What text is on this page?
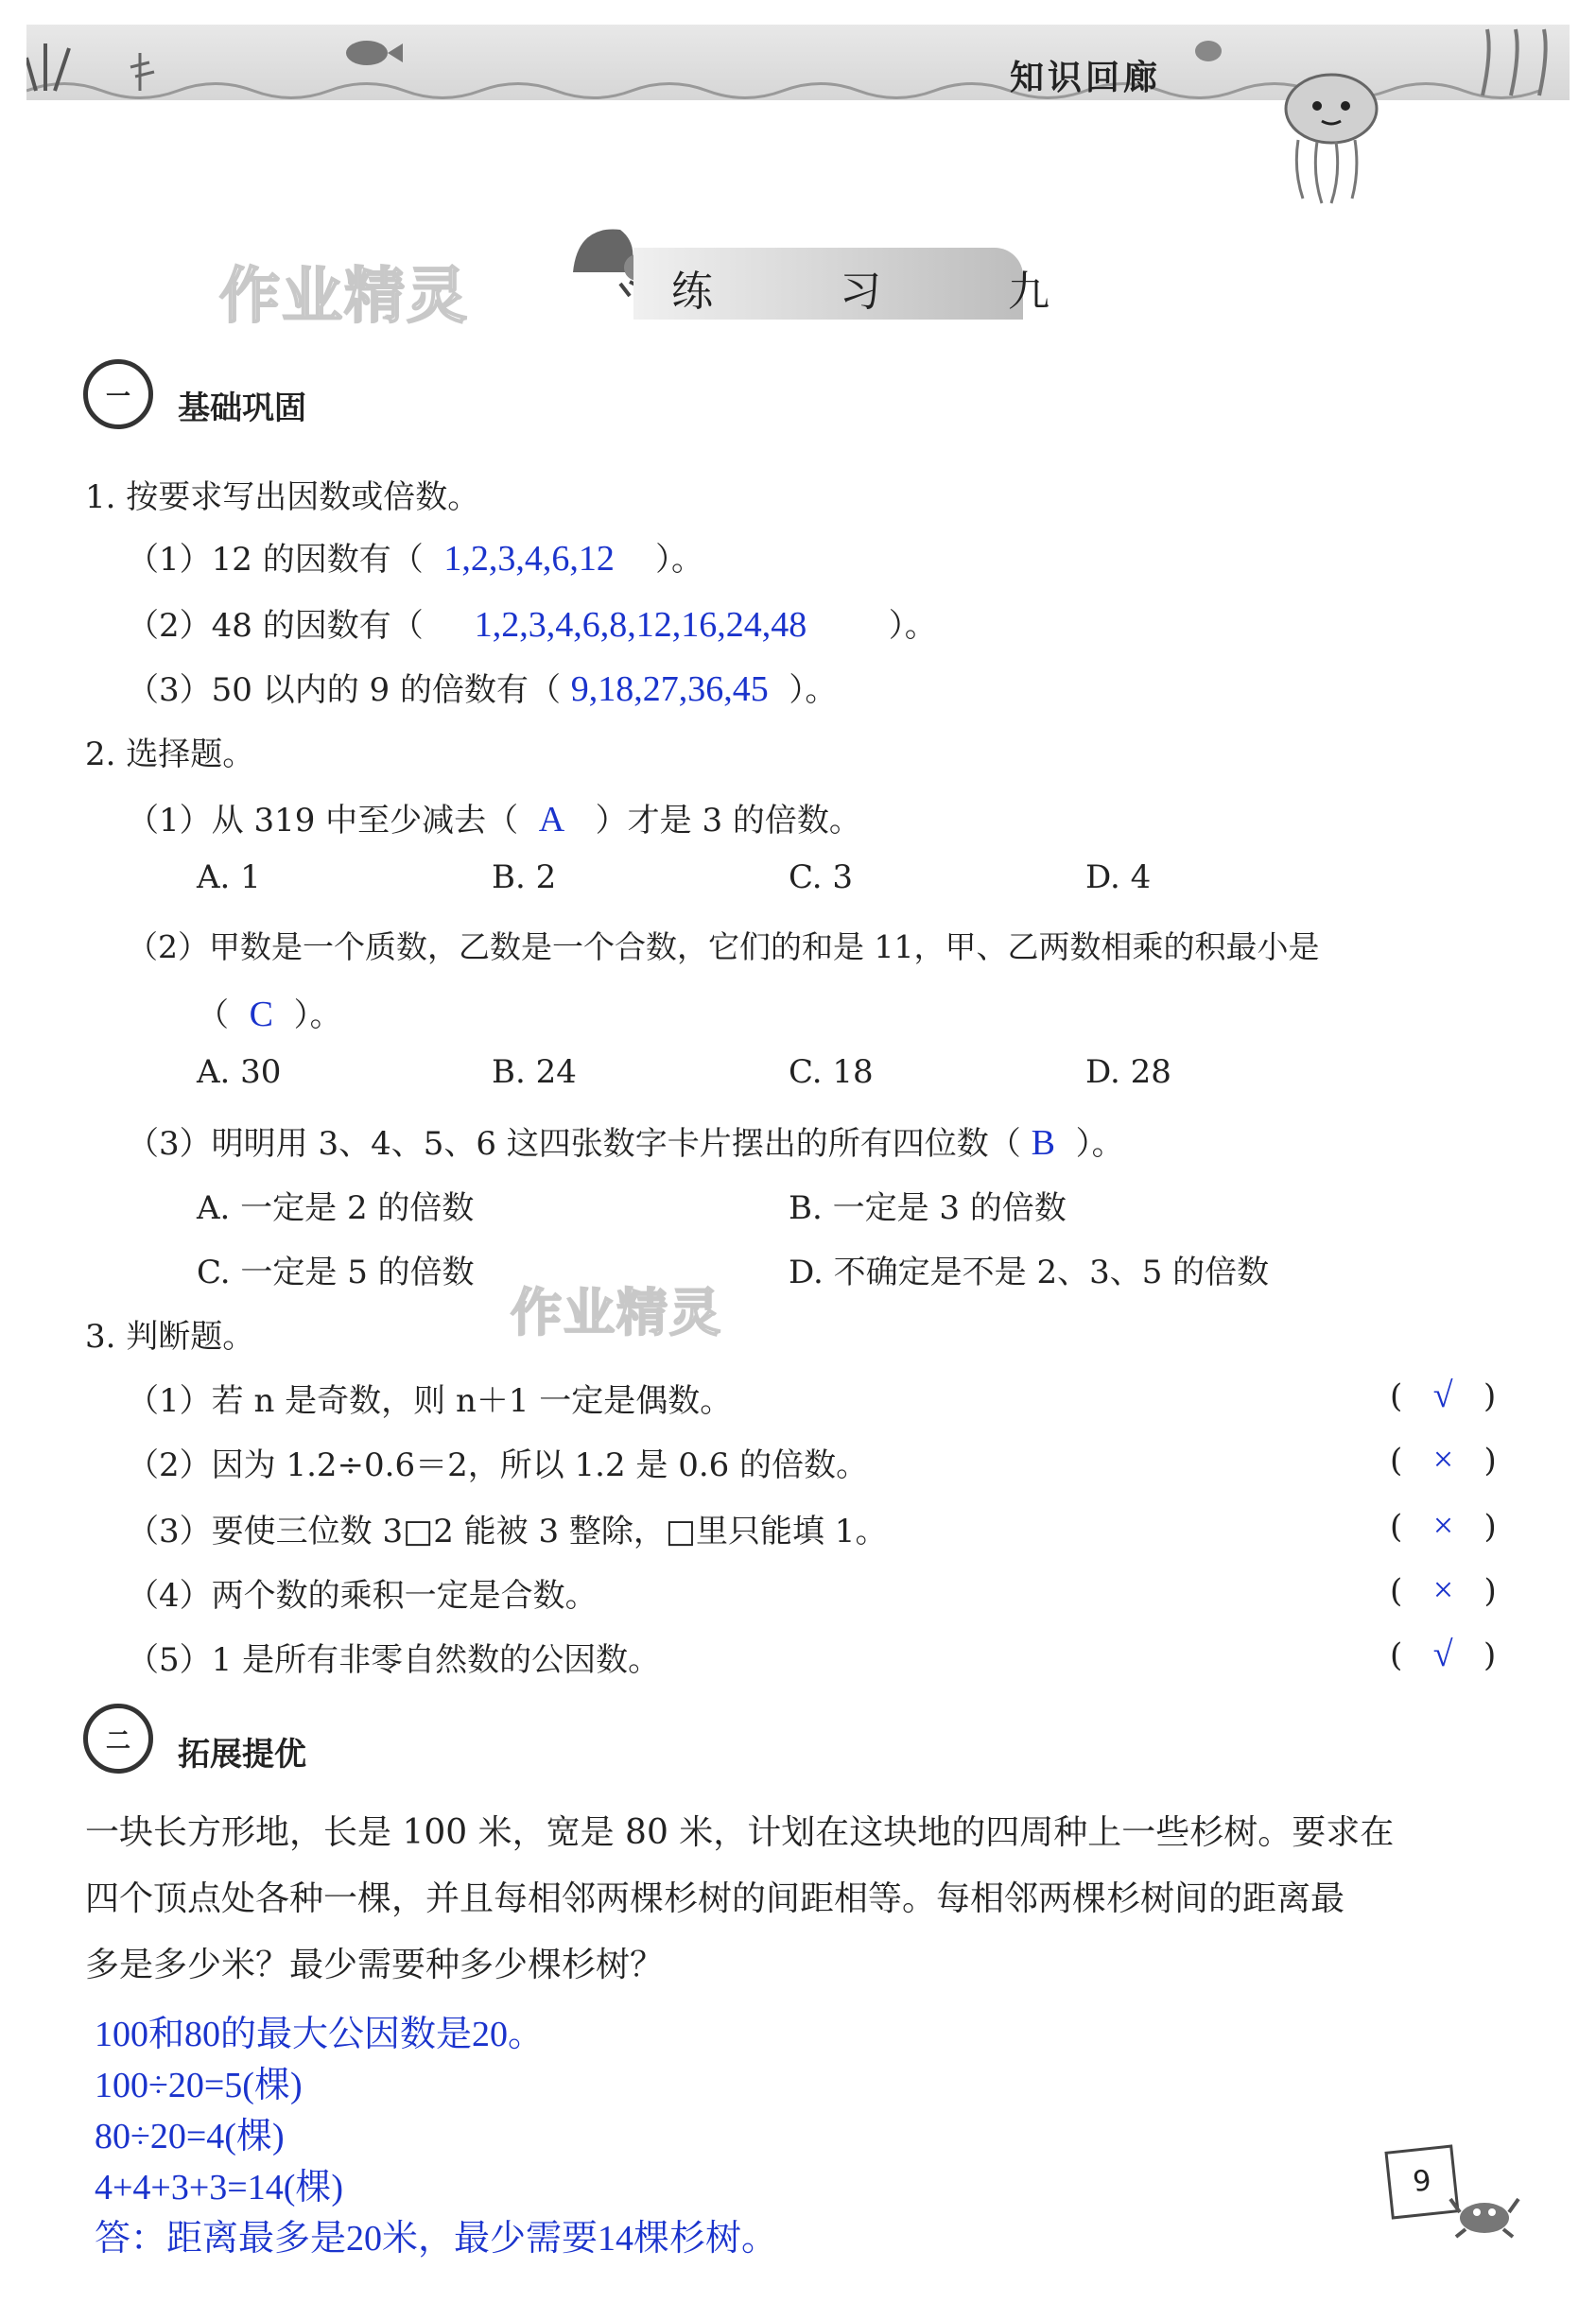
知识回廊
作业精灵
作业精灵
练 习 九
一	基础巩固
1. 按要求写出因数或倍数。
（1）12 的因数有（ 1,2,3,4,6,12 ）。
（2）48 的因数有（ 1,2,3,4,6,8,12,16,24,48	）。
（3）50 以内的 9 的倍数有（ 9,18,27,36,45 ）。
2. 选择题。
（1）从 319 中至少减去（ A ）才是 3 的倍数。
A. 1	B. 2	C. 3	D. 4
（2）甲数是一个质数，乙数是一个合数，它们的和是 11，甲、乙两数相乘的积最小是
（ C ）。
A. 30	B. 24	C. 18	D. 28
（3）明明用 3、4、5、6 这四张数字卡片摆出的所有四位数（ B ）。
A. 一定是 2 的倍数	B. 一定是 3 的倍数
C. 一定是 5 的倍数	D. 不确定是不是 2、3、5 的倍数
3. 判断题。
（1）若 n 是奇数，则 n＋1 一定是偶数。	(   √   )
（2）因为 1.2÷0.6＝2，所以 1.2 是 0.6 的倍数。	(   ×   )
（3）要使三位数 3□2 能被 3 整除，□里只能填 1。	(   ×   )
（4）两个数的乘积一定是合数。	(   ×   )
（5）1 是所有非零自然数的公因数。	(   √   )
二	拓展提优
一块长方形地，长是 100 米，宽是 80 米，计划在这块地的四周种上一些杉树。要求在
四个顶点处各种一棵，并且每相邻两棵杉树的间距相等。每相邻两棵杉树间的距离最
多是多少米？最少需要种多少棵杉树？
100和80的最大公因数是20。
100÷20=5(棵)
80÷20=4(棵)
4+4+3+3=14(棵)
答：距离最多是20米，最少需要14棵杉树。
9
